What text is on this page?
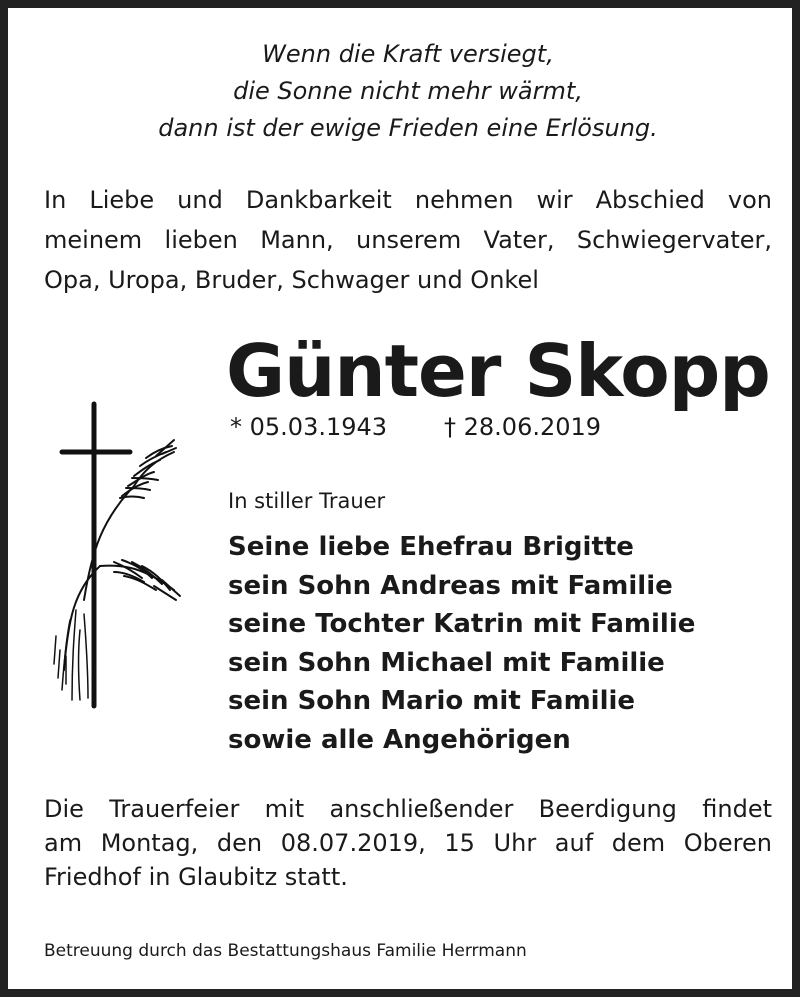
Wenn die Kraft versiegt,
die Sonne nicht mehr wärmt,
dann ist der ewige Frieden eine Erlösung.
In Liebe und Dankbarkeit nehmen wir Abschied von
meinem lieben Mann, unserem Vater, Schwiegervater,
Opa, Uropa, Bruder, Schwager und Onkel
Günter Skopp
* 05.03.1943 † 28.06.2019
In stiller Trauer
Seine liebe Ehefrau Brigitte
sein Sohn Andreas mit Familie
seine Tochter Katrin mit Familie
sein Sohn Michael mit Familie
sein Sohn Mario mit Familie
sowie alle Angehörigen
Die Trauerfeier mit anschließender Beerdigung findet
am Montag, den 08.07.2019, 15 Uhr auf dem Oberen
Friedhof in Glaubitz statt.
Betreuung durch das Bestattungshaus Familie Herrmann
